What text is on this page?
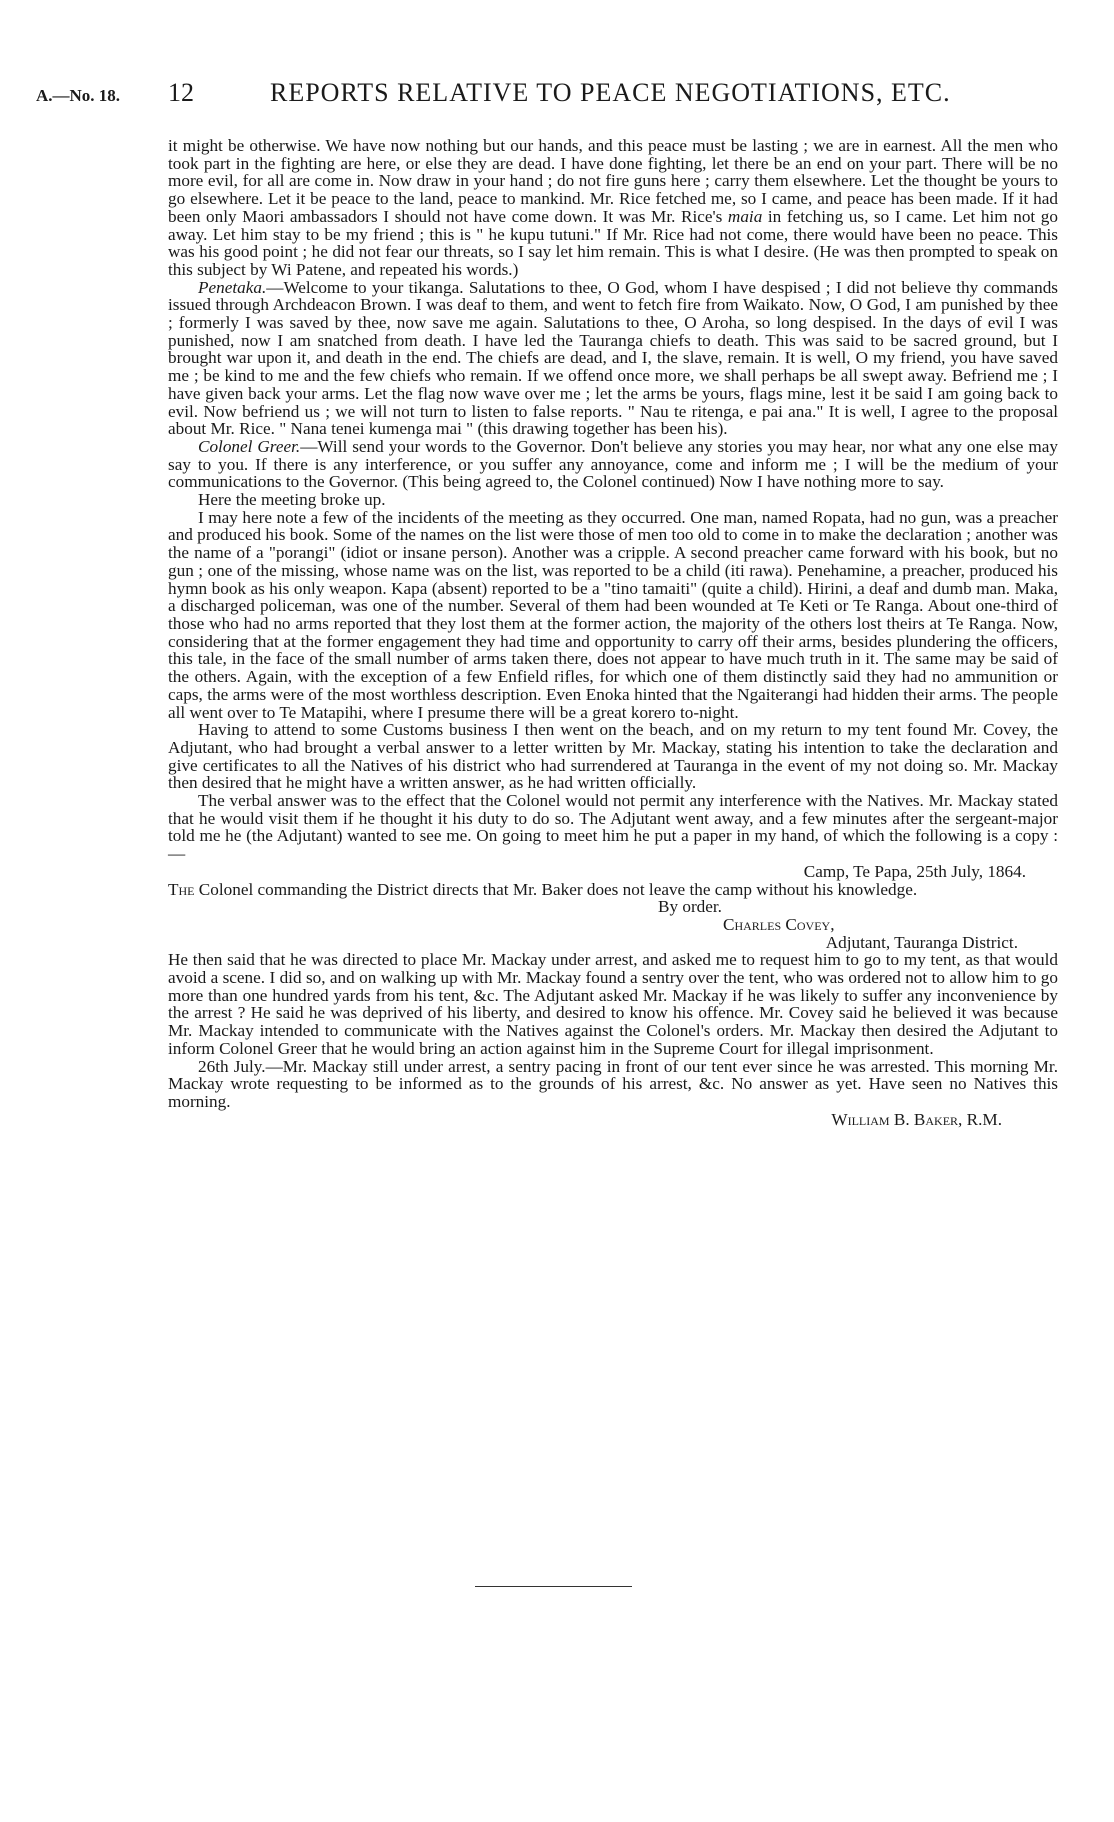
A.—No. 18. 12	REPORTS RELATIVE TO PEACE NEGOTIATIONS, ETC.

it might be otherwise. We have now nothing but our hands, and this peace must be lasting ; we are in earnest. All the men who took part in the fighting are here, or else they are dead. I have done fighting, let there be an end on your part. There will be no more evil, for all are come in. Now draw in your hand ; do not fire guns here ; carry them elsewhere. Let the thought be yours to go elsewhere. Let it be peace to the land, peace to mankind. Mr. Rice fetched me, so I came, and peace has been made. If it had been only Maori ambassadors I should not have come down. It was Mr. Rice's maia in fetching us, so I came. Let him not go away. Let him stay to be my friend ; this is " he kupu tutuni." If Mr. Rice had not come, there would have been no peace. This was his good point ; he did not fear our threats, so I say let him remain. This is what I desire. (He was then prompted to speak on this subject by Wi Patene, and repeated his words.)

Penetaka.—Welcome to your tikanga. Salutations to thee, O God, whom I have despised ; I did not believe thy commands issued through Archdeacon Brown. I was deaf to them, and went to fetch fire from Waikato. Now, O God, I am punished by thee ; formerly I was saved by thee, now save me again. Salutations to thee, O Aroha, so long despised. In the days of evil I was punished, now I am snatched from death. I have led the Tauranga chiefs to death. This was said to be sacred ground, but I brought war upon it, and death in the end. The chiefs are dead, and I, the slave, remain. It is well, O my friend, you have saved me ; be kind to me and the few chiefs who remain. If we offend once more, we shall perhaps be all swept away. Befriend me ; I have given back your arms. Let the flag now wave over me ; let the arms be yours, flags mine, lest it be said I am going back to evil. Now befriend us ; we will not turn to listen to false reports. " Nau te ritenga, e pai ana." It is well, I agree to the proposal about Mr. Rice. " Nana tenei kumenga mai " (this drawing together has been his).

Colonel Greer.—Will send your words to the Governor. Don't believe any stories you may hear, nor what any one else may say to you. If there is any interference, or you suffer any annoyance, come and inform me ; I will be the medium of your communications to the Governor. (This being agreed to, the Colonel continued) Now I have nothing more to say.

Here the meeting broke up.

I may here note a few of the incidents of the meeting as they occurred. One man, named Ropata, had no gun, was a preacher and produced his book. Some of the names on the list were those of men too old to come in to make the declaration ; another was the name of a "porangi" (idiot or insane person). Another was a cripple. A second preacher came forward with his book, but no gun ; one of the missing, whose name was on the list, was reported to be a child (iti rawa). Penehamine, a preacher, produced his hymn book as his only weapon. Kapa (absent) reported to be a "tino tamaiti" (quite a child). Hirini, a deaf and dumb man. Maka, a discharged policeman, was one of the number. Several of them had been wounded at Te Keti or Te Ranga. About one-third of those who had no arms reported that they lost them at the former action, the majority of the others lost theirs at Te Ranga. Now, considering that at the former engagement they had time and opportunity to carry off their arms, besides plundering the officers, this tale, in the face of the small number of arms taken there, does not appear to have much truth in it. The same may be said of the others. Again, with the exception of a few Enfield rifles, for which one of them distinctly said they had no ammunition or caps, the arms were of the most worthless description. Even Enoka hinted that the Ngaiterangi had hidden their arms. The people all went over to Te Matapihi, where I presume there will be a great korero to-night.

Having to attend to some Customs business I then went on the beach, and on my return to my tent found Mr. Covey, the Adjutant, who had brought a verbal answer to a letter written by Mr. Mackay, stating his intention to take the declaration and give certificates to all the Natives of his district who had surrendered at Tauranga in the event of my not doing so. Mr. Mackay then desired that he might have a written answer, as he had written officially.

The verbal answer was to the effect that the Colonel would not permit any interference with the Natives. Mr. Mackay stated that he would visit them if he thought it his duty to do so. The Adjutant went away, and a few minutes after the sergeant-major told me he (the Adjutant) wanted to see me. On going to meet him he put a paper in my hand, of which the following is a copy :—

Camp, Te Papa, 25th July, 1864.

The Colonel commanding the District directs that Mr. Baker does not leave the camp without his knowledge.

By order.

Charles Covey,

Adjutant, Tauranga District.

He then said that he was directed to place Mr. Mackay under arrest, and asked me to request him to go to my tent, as that would avoid a scene. I did so, and on walking up with Mr. Mackay found a sentry over the tent, who was ordered not to allow him to go more than one hundred yards from his tent, &c. The Adjutant asked Mr. Mackay if he was likely to suffer any inconvenience by the arrest ? He said he was deprived of his liberty, and desired to know his offence. Mr. Covey said he believed it was because Mr. Mackay intended to communicate with the Natives against the Colonel's orders. Mr. Mackay then desired the Adjutant to inform Colonel Greer that he would bring an action against him in the Supreme Court for illegal imprisonment.

26th July.—Mr. Mackay still under arrest, a sentry pacing in front of our tent ever since he was arrested. This morning Mr. Mackay wrote requesting to be informed as to the grounds of his arrest, &c. No answer as yet. Have seen no Natives this morning.

William B. Baker, R.M.
